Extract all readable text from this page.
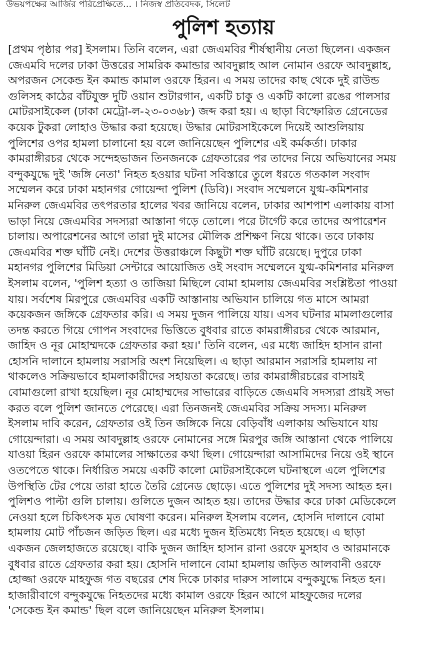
উভয়পক্ষের আর্জির পরিপ্রেক্ষিতে... । নিজস্ব প্রতিবেদক, সিলেট
পুলিশ হত্যায়
[প্রথম পৃষ্ঠার পর] ইসলাম। তিনি বলেন, এরা জেএমবির শীর্ষস্থানীয় নেতা ছিলেন। একজন
জেএমবি দলের ঢাকা উত্তরের সামরিক কমান্ডার আবদুল্লাহ আল নোমান ওরফে আবদুল্লাহ,
অপরজন সেকেন্ড ইন কমান্ড কামাল ওরফে হিরন। এ সময় তাদের কাছ থেকে দুই রাউন্ড
গুলিসহ কাঠের বাঁটযুক্ত দুটি ওয়ান শুটারগান, একটি চাকু ও একটি কালো রঙের পালসার
মোটরসাইকেল (ঢাকা মেট্রো-ল-২৩-০৩৬৮) জব্দ করা হয়। এ ছাড়া বিস্ফোরিত গ্রেনেডের
কয়েক টুকরা লোহাও উদ্ধার করা হয়েছে। উদ্ধার মোটরসাইকেলে দিয়েই আশুলিয়ায়
পুলিশের ওপর হামলা চালানো হয় বলে জানিয়েছেন পুলিশের এই কর্মকর্তা। ঢাকার
কামরাঙ্গীরচর থেকে সন্দেহভাজন তিনজনকে গ্রেফতারের পর তাদের নিয়ে অভিযানের সময়
বন্দুকযুদ্ধে দুই 'জঙ্গি নেতা' নিহত হওয়ার ঘটনা সবিস্তারে তুলে ধরতে গতকাল সংবাদ
সম্মেলন করে ঢাকা মহানগর গোয়েন্দা পুলিশ (ডিবি)। সংবাদ সম্মেলনে যুগ্ম-কমিশনার
মনিরুল জেএমবির তৎপরতার হালের খবর জানিয়ে বলেন, ঢাকার আশপাশ এলাকায় বাসা
ভাড়া নিয়ে জেএমবির সদস্যরা আস্তানা গড়ে তোলে। পরে টার্গেট করে তাদের অপারেশন
চালায়। অপারেশনের আগে তারা দুই মাসের মৌলিক প্রশিক্ষণ নিয়ে থাকে। তবে ঢাকায়
জেএমবির শক্ত ঘাঁটি নেই। দেশের উত্তরাঞ্চলে কিছুটা শক্ত ঘাঁটি রয়েছে। দুপুরে ঢাকা
মহানগর পুলিশের মিডিয়া সেন্টারে আয়োজিত ওই সংবাদ সম্মেলনে যুগ্ম-কমিশনার মনিরুল
ইসলাম বলেন, 'পুলিশ হত্যা ও তাজিয়া মিছিলে বোমা হামলায় জেএমবির সংশ্লিষ্টতা পাওয়া
যায়। সর্বশেষ মিরপুরে জেএমবির একটি আস্তানায় অভিযান চালিয়ে গত মাসে আমরা
কয়েকজন জঙ্গিকে গ্রেফতার করি। এ সময় দুজন পালিয়ে যায়। এসব ঘটনার মামলাগুলোর
তদন্ত করতে গিয়ে গোপন সংবাদের ভিত্তিতে বুধবার রাতে কামরাঙ্গীরচর থেকে আরমান,
জাহিদ ও নূর মোহাম্মদকে গ্রেফতার করা হয়।' তিনি বলেন, এর মধ্যে জাহিদ হাসান রানা
হোসনি দালানে হামলায় সরাসরি অংশ নিয়েছিল। এ ছাড়া আরমান সরাসরি হামলায় না
থাকলেও সক্রিয়ভাবে হামলাকারীদের সহায়তা করেছে। তার কামরাঙ্গীরচরের বাসায়ই
বোমাগুলো রাখা হয়েছিল। নূর মোহাম্মদের সাভারের বাড়িতে জেএমবি সদস্যরা প্রায়ই সভা
করত বলে পুলিশ জানতে পেরেছে। এরা তিনজনই জেএমবির সক্রিয় সদস্য। মনিরুল
ইসলাম দাবি করেন, গ্রেফতার ওই তিন জঙ্গিকে নিয়ে বেড়িবাঁধ এলাকায় অভিযানে যায়
গোয়েন্দারা। এ সময় আবদুল্লাহ ওরফে নোমানের সঙ্গে মিরপুর জঙ্গি আস্তানা থেকে পালিয়ে
যাওয়া হিরন ওরফে কামালের সাক্ষাতের কথা ছিল। গোয়েন্দারা আসামিদের নিয়ে ওই স্থানে
ওতপেতে থাকে। নির্ধারিত সময়ে একটি কালো মোটরসাইকেলে ঘটনাস্থলে এলে পুলিশের
উপস্থিতি টের পেয়ে তারা হাতে তৈরি গ্রেনেড ছোড়ে। এতে পুলিশের দুই সদস্য আহত হন।
পুলিশও পাল্টা গুলি চালায়। গুলিতে দুজন আহত হয়। তাদের উদ্ধার করে ঢাকা মেডিকেলে
নেওয়া হলে চিকিৎসক মৃত ঘোষণা করেন। মনিরুল ইসলাম বলেন, হোসনি দালানে বোমা
হামলায় মোট পাঁচজন জড়িত ছিল। এর মধ্যে দুজন ইতিমধ্যে নিহত হয়েছে। এ ছাড়া
একজন জেলহাজতে রয়েছে। বাকি দুজন জাহিদ হাসান রানা ওরফে মুসহাব ও আরমানকে
বুধবার রাতে গ্রেফতার করা হয়। হোসনি দালানে বোমা হামলায় জড়িত আলবানী ওরফে
হোজ্জা ওরফে মাহফুজ গত বছরের শেষ দিকে ঢাকার দারুস সালামে বন্দুকযুদ্ধে নিহত হন।
হাজারীবাগে বন্দুকযুদ্ধে নিহতদের মধ্যে কামাল ওরফে হিরন আগে মাহফুজের দলের
'সেকেন্ড ইন কমান্ড' ছিল বলে জানিয়েছেন মনিরুল ইসলাম।
